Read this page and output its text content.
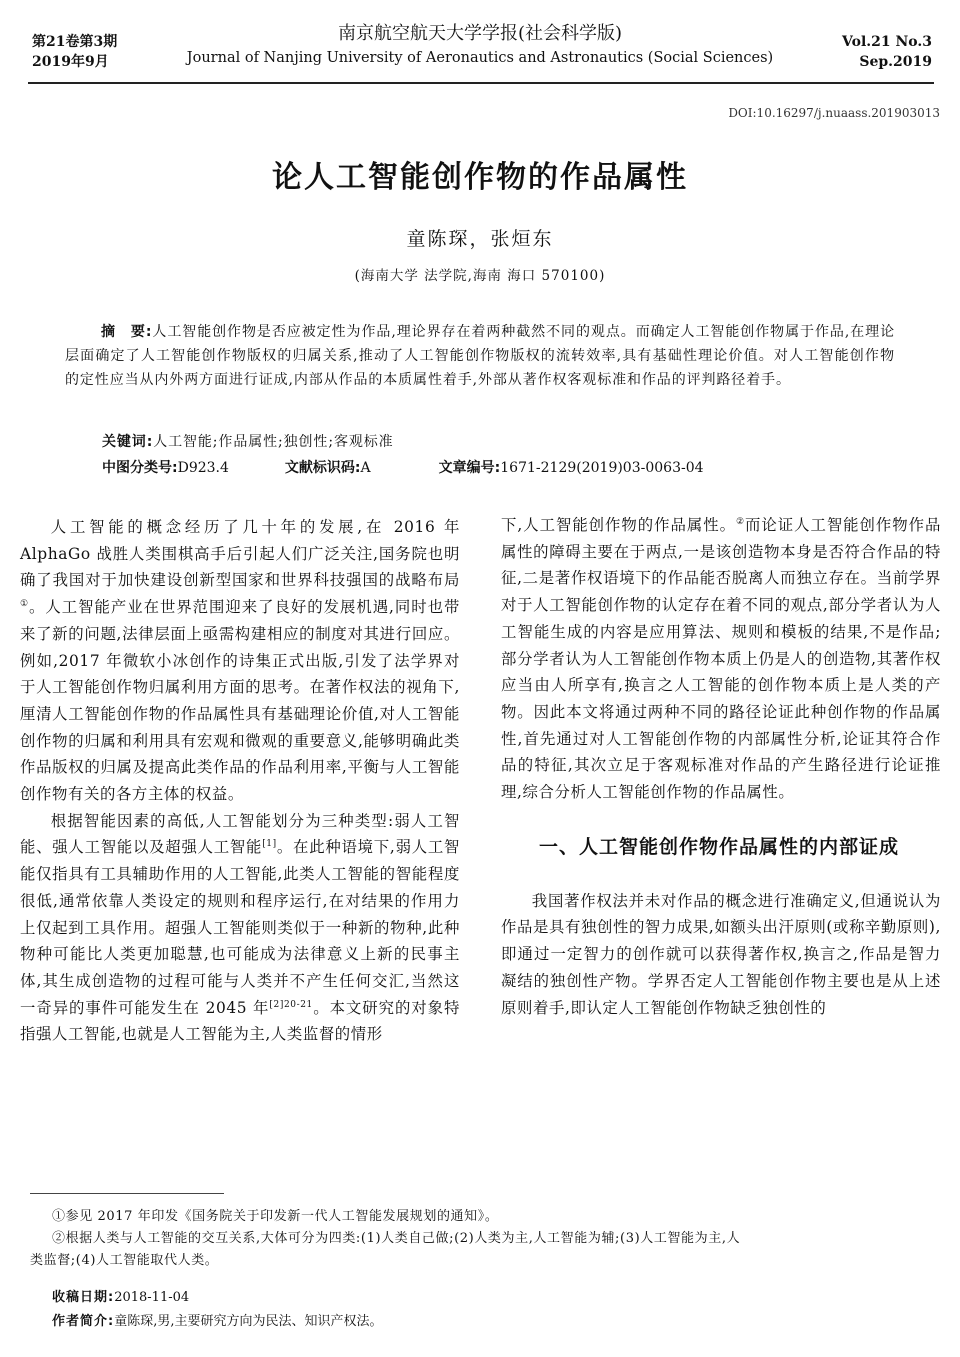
第21卷第3期
2019年9月
南京航空航天大学学报(社会科学版)
Journal of Nanjing University of Aeronautics and Astronautics (Social Sciences)
Vol.21 No.3
Sep.2019
DOI:10.16297/j.nuaass.201903013
论人工智能创作物的作品属性
童陈琛，张烜东
(海南大学 法学院,海南 海口 570100)
摘　要:人工智能创作物是否应被定性为作品,理论界存在着两种截然不同的观点。而确定人工智能创作物属于作品,在理论层面确定了人工智能创作物版权的归属关系,推动了人工智能创作物版权的流转效率,具有基础性理论价值。对人工智能创作物的定性应当从内外两方面进行证成,内部从作品的本质属性着手,外部从著作权客观标准和作品的评判路径着手。
关键词:人工智能;作品属性;独创性;客观标准
中图分类号:D923.4	文献标识码:A	文章编号:1671-2129(2019)03-0063-04

人工智能的概念经历了几十年的发展,在 2016 年 AlphaGo 战胜人类围棋高手后引起人们广泛关注,国务院也明确了我国对于加快建设创新型国家和世界科技强国的战略布局①。人工智能产业在世界范围迎来了良好的发展机遇,同时也带来了新的问题,法律层面上亟需构建相应的制度对其进行回应。例如,2017 年微软小冰创作的诗集正式出版,引发了法学界对于人工智能创作物归属利用方面的思考。在著作权法的视角下,厘清人工智能创作物的作品属性具有基础理论价值,对人工智能创作物的归属和利用具有宏观和微观的重要意义,能够明确此类作品版权的归属及提高此类作品的作品利用率,平衡与人工智能创作物有关的各方主体的权益。

根据智能因素的高低,人工智能划分为三种类型:弱人工智能、强人工智能以及超强人工智能[1]。在此种语境下,弱人工智能仅指具有工具辅助作用的人工智能,此类人工智能的智能程度很低,通常依靠人类设定的规则和程序运行,在对结果的作用力上仅起到工具作用。超强人工智能则类似于一种新的物种,此种物种可能比人类更加聪慧,也可能成为法律意义上新的民事主体,其生成创造物的过程可能与人类并不产生任何交汇,当然这一奇异的事件可能发生在 2045 年$^{[2]20-21}$。本文研究的对象特指强人工智能,也就是人工智能为主,人类监督的情形

下,人工智能创作物的作品属性。②而论证人工智能创作物作品属性的障碍主要在于两点,一是该创造物本身是否符合作品的特征,二是著作权语境下的作品能否脱离人而独立存在。当前学界对于人工智能创作物的认定存在着不同的观点,部分学者认为人工智能生成的内容是应用算法、规则和模板的结果,不是作品;部分学者认为人工智能创作物本质上仍是人的创造物,其著作权应当由人所享有,换言之人工智能的创作物本质上是人类的产物。因此本文将通过两种不同的路径论证此种创作物的作品属性,首先通过对人工智能创作物的内部属性分析,论证其符合作品的特征,其次立足于客观标准对作品的产生路径进行论证推理,综合分析人工智能创作物的作品属性。

一、人工智能创作物作品属性的内部证成

我国著作权法并未对作品的概念进行准确定义,但通说认为作品是具有独创性的智力成果,如额头出汗原则(或称辛勤原则),即通过一定智力的创作就可以获得著作权,换言之,作品是智力凝结的独创性产物。学界否定人工智能创作物主要也是从上述原则着手,即认定人工智能创作物缺乏独创性的

①参见 2017 年印发《国务院关于印发新一代人工智能发展规划的通知》。

②根据人类与人工智能的交互关系,大体可分为四类:(1)人类自己做;(2)人类为主,人工智能为辅;(3)人工智能为主,人

类监督;(4)人工智能取代人类。

收稿日期:2018-11-04
作者简介:童陈琛,男,主要研究方向为民法、知识产权法。
